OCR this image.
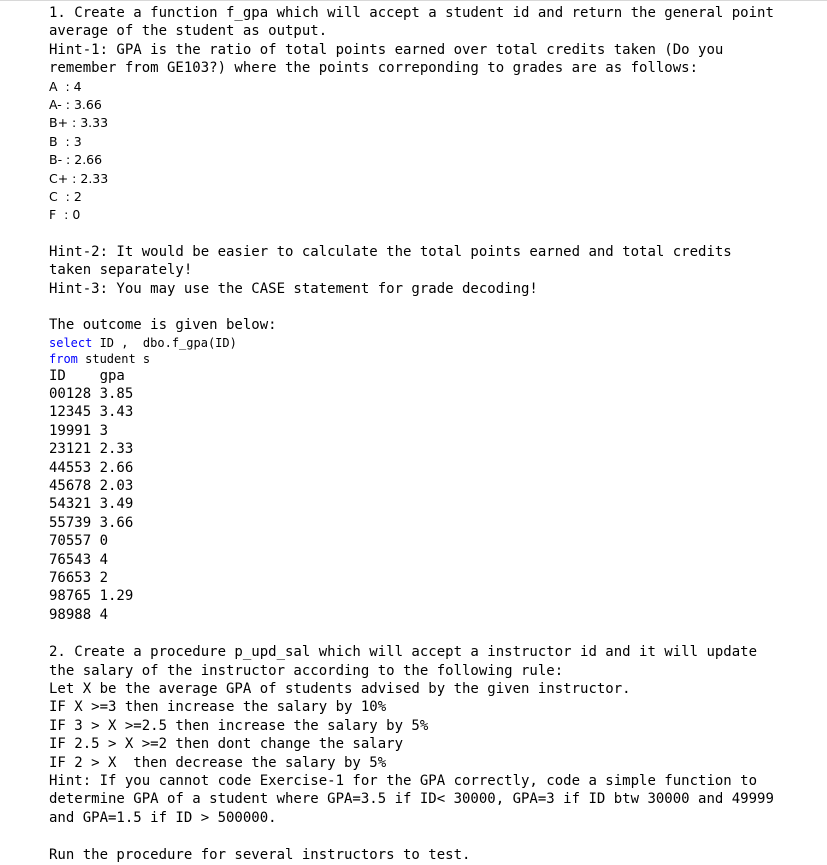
1. Create a function f_gpa which will accept a student id and return the general point

average of the student as output.

Hint-1: GPA is the ratio of total points earned over total credits taken (Do you

remember from GE103?) where the points correponding to grades are as follows:

A  : 4

A- : 3.66

B+ : 3.33

B  : 3

B- : 2.66

C+ : 2.33

C  : 2

F  : 0

Hint-2: It would be easier to calculate the total points earned and total credits

taken separately!

Hint-3: You may use the CASE statement for grade decoding!

The outcome is given below:

select ID ,  dbo.f_gpa(ID)

from student s

ID    gpa

00128 3.85

12345 3.43

19991 3

23121 2.33

44553 2.66

45678 2.03

54321 3.49

55739 3.66

70557 0

76543 4

76653 2

98765 1.29

98988 4

2. Create a procedure p_upd_sal which will accept a instructor id and it will update

the salary of the instructor according to the following rule:

Let X be the average GPA of students advised by the given instructor.

IF X >=3 then increase the salary by 10%

IF 3 > X >=2.5 then increase the salary by 5%

IF 2.5 > X >=2 then dont change the salary

IF 2 > X  then decrease the salary by 5%

Hint: If you cannot code Exercise-1 for the GPA correctly, code a simple function to

determine GPA of a student where GPA=3.5 if ID< 30000, GPA=3 if ID btw 30000 and 49999

and GPA=1.5 if ID > 500000.

Run the procedure for several instructors to test.
